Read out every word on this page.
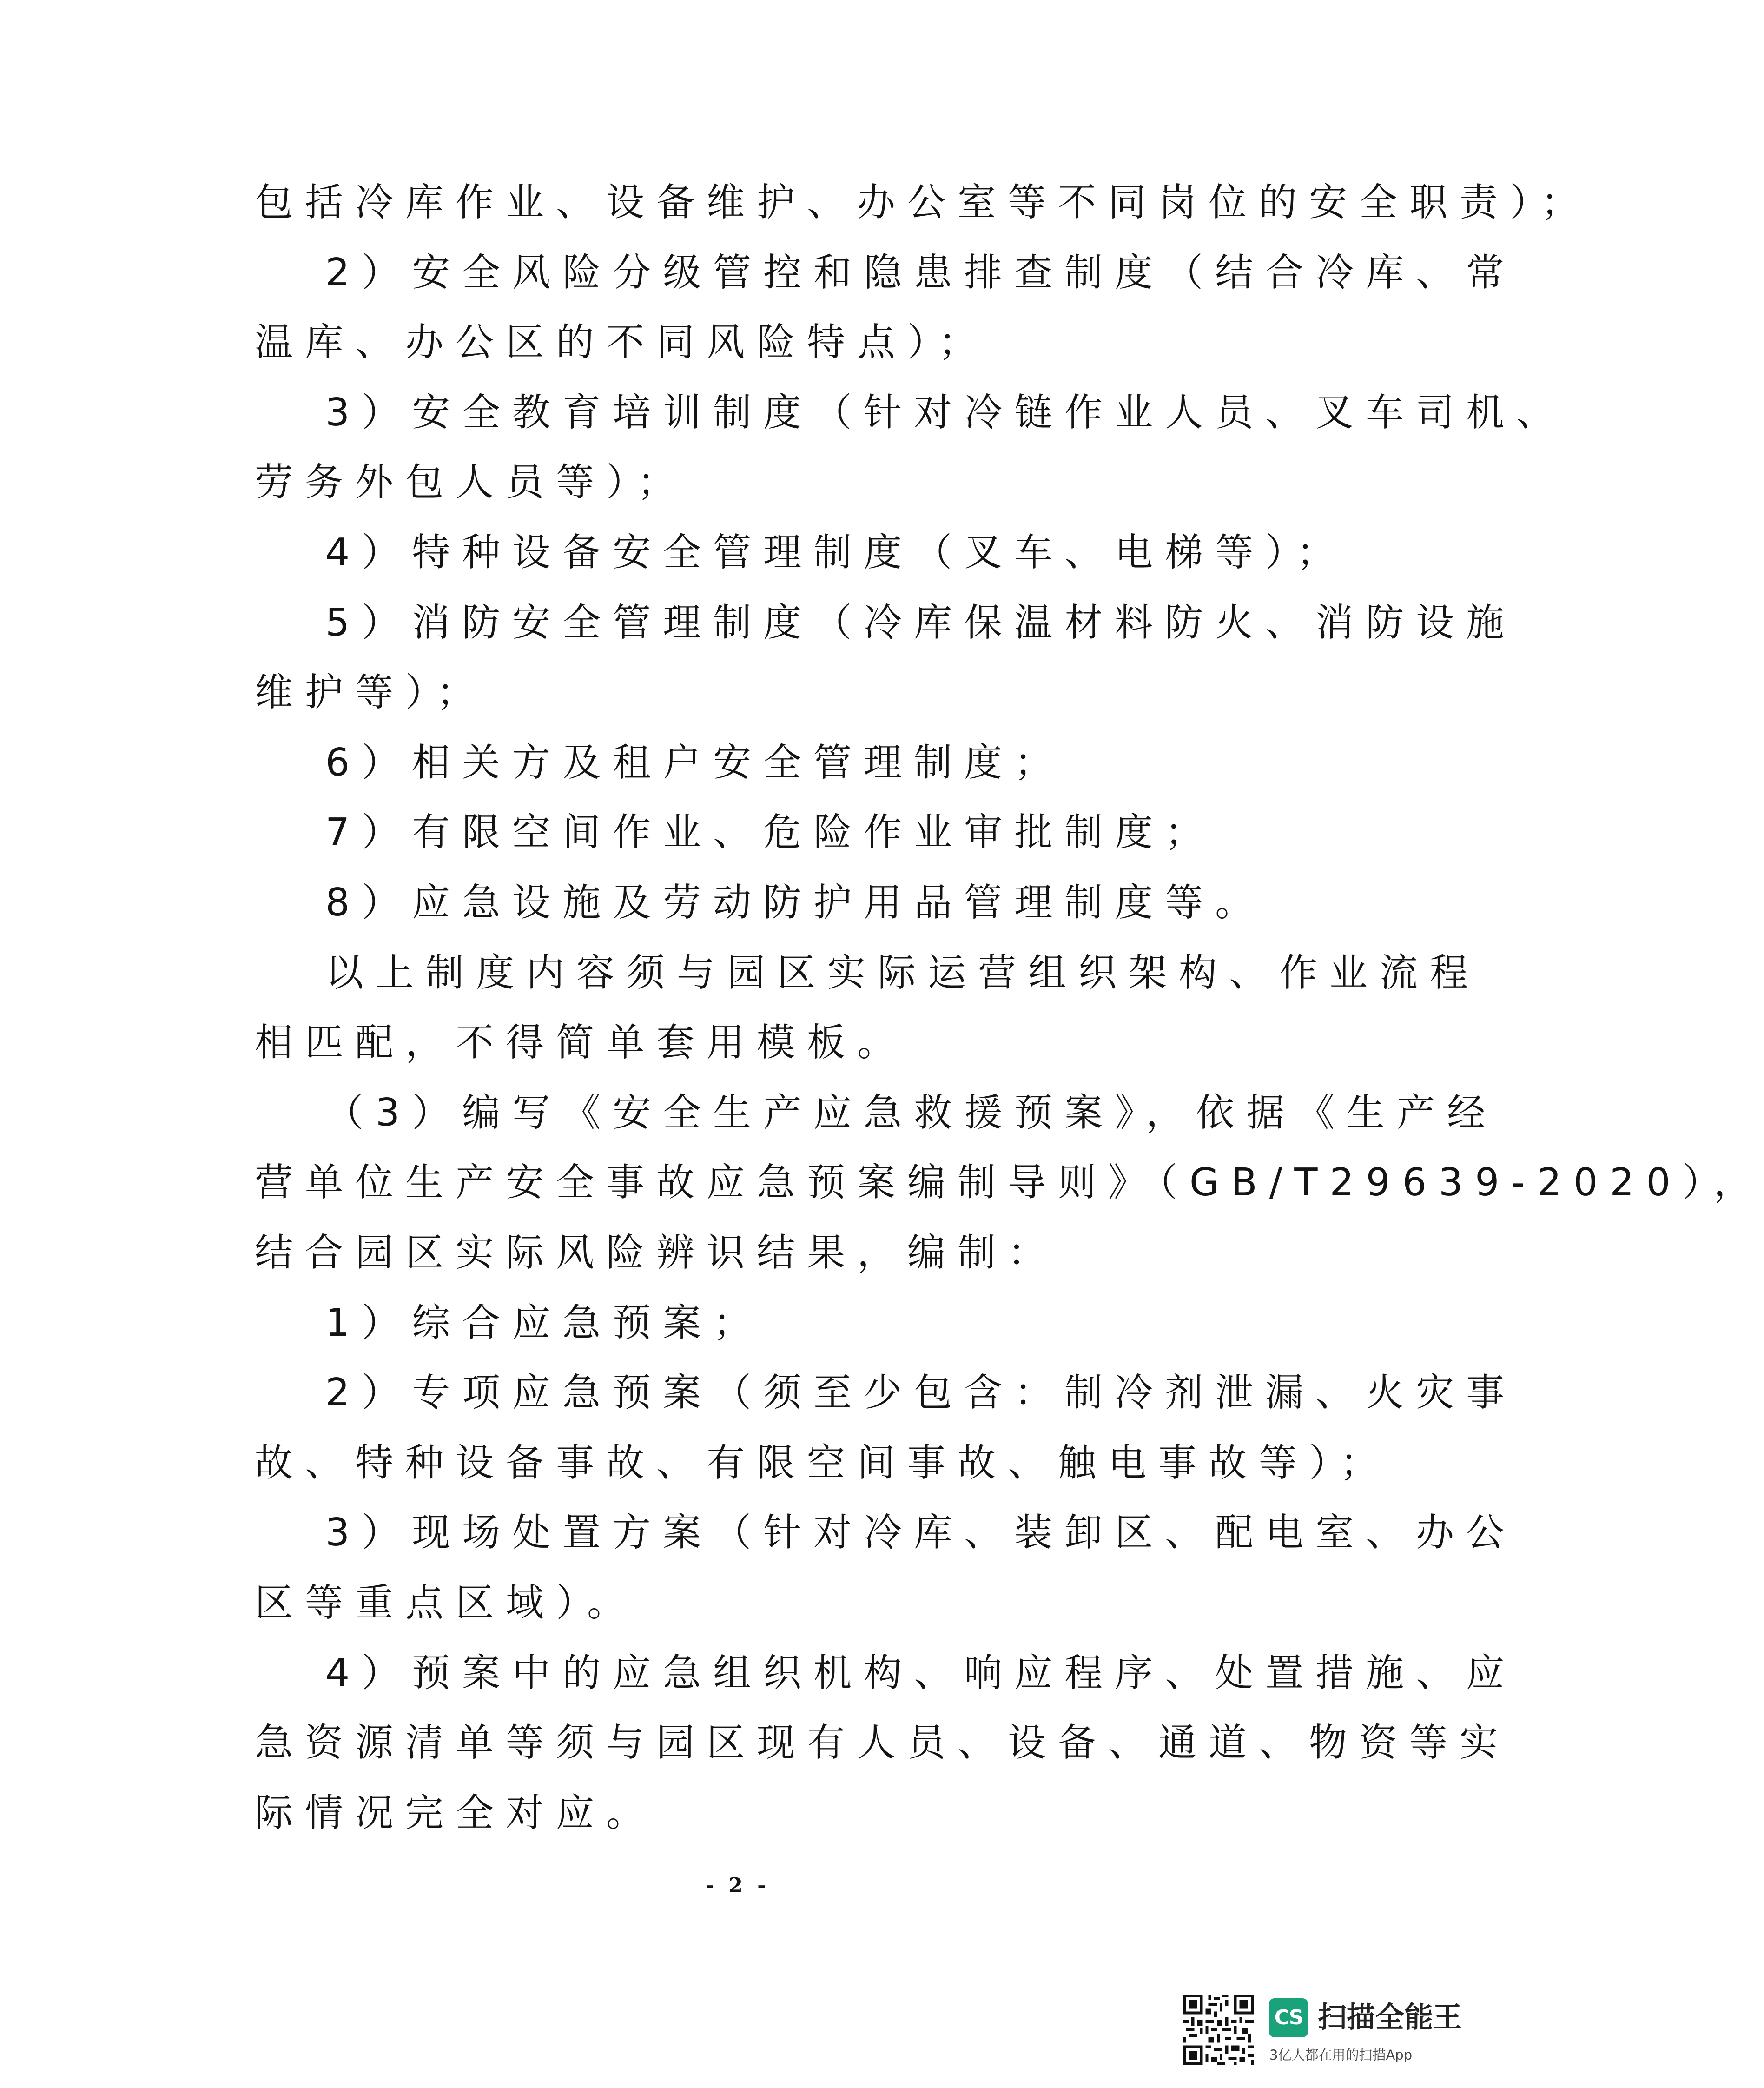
包括冷库作业、设备维护、办公室等不同岗位的安全职责）；
2）安全风险分级管控和隐患排查制度（结合冷库、常
温库、办公区的不同风险特点）；
3）安全教育培训制度（针对冷链作业人员、叉车司机、
劳务外包人员等）；
4）特种设备安全管理制度（叉车、电梯等）；
5）消防安全管理制度（冷库保温材料防火、消防设施
维护等）；
6）相关方及租户安全管理制度；
7）有限空间作业、危险作业审批制度；
8）应急设施及劳动防护用品管理制度等。
以上制度内容须与园区实际运营组织架构、作业流程
相匹配，不得简单套用模板。
（3）编写《安全生产应急救援预案》，依据《生产经
营单位生产安全事故应急预案编制导则》（GB/T29639-2020），
结合园区实际风险辨识结果，编制：
1）综合应急预案；
2）专项应急预案（须至少包含：制冷剂泄漏、火灾事
故、特种设备事故、有限空间事故、触电事故等）；
3）现场处置方案（针对冷库、装卸区、配电室、办公
区等重点区域）。
4）预案中的应急组织机构、响应程序、处置措施、应
急资源清单等须与园区现有人员、设备、通道、物资等实
际情况完全对应。
- 2 -
CS 扫描全能王
3亿人都在用的扫描App
